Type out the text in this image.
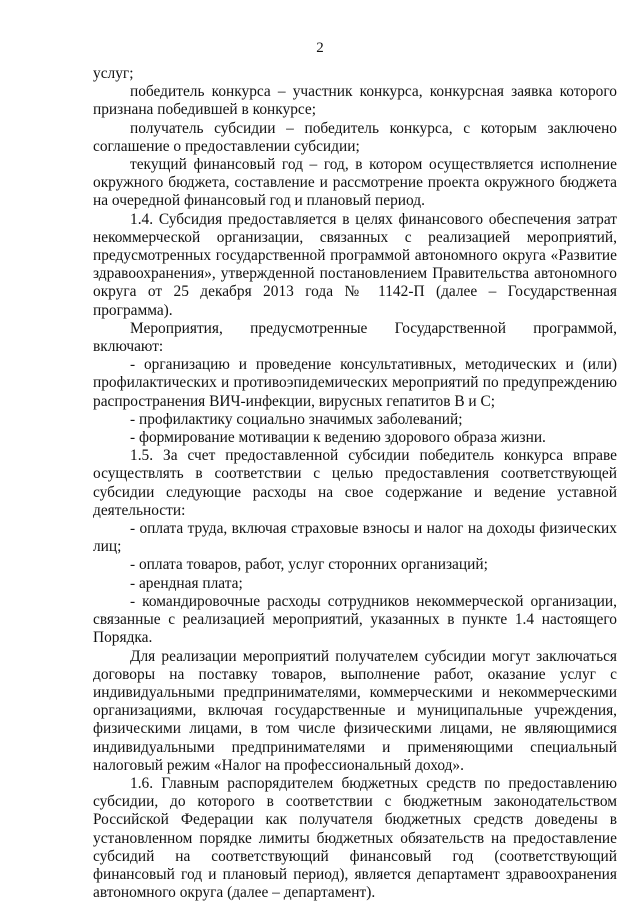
2

услуг;

победитель конкурса – участник конкурса, конкурсная заявка которого признана победившей в конкурсе;

получатель субсидии – победитель конкурса, с которым заключено соглашение о предоставлении субсидии;

текущий финансовый год – год, в котором осуществляется исполнение окружного бюджета, составление и рассмотрение проекта окружного бюджета на очередной финансовый год и плановый период.

1.4. Субсидия предоставляется в целях финансового обеспечения затрат некоммерческой организации, связанных с реализацией мероприятий, предусмотренных государственной программой автономного округа «Развитие здравоохранения», утвержденной постановлением Правительства автономного округа от 25 декабря 2013 года № 1142-П (далее – Государственная программа).

Мероприятия, предусмотренные Государственной программой, включают:

- организацию и проведение консультативных, методических и (или) профилактических и противоэпидемических мероприятий по предупреждению распространения ВИЧ-инфекции, вирусных гепатитов В и С;

- профилактику социально значимых заболеваний;

- формирование мотивации к ведению здорового образа жизни.

1.5. За счет предоставленной субсидии победитель конкурса вправе осуществлять в соответствии с целью предоставления соответствующей субсидии следующие расходы на свое содержание и ведение уставной деятельности:

- оплата труда, включая страховые взносы и налог на доходы физических лиц;

- оплата товаров, работ, услуг сторонних организаций;

- арендная плата;

- командировочные расходы сотрудников некоммерческой организации, связанные с реализацией мероприятий, указанных в пункте 1.4 настоящего Порядка.

Для реализации мероприятий получателем субсидии могут заключаться договоры на поставку товаров, выполнение работ, оказание услуг с индивидуальными предпринимателями, коммерческими и некоммерческими организациями, включая государственные и муниципальные учреждения, физическими лицами, в том числе физическими лицами, не являющимися индивидуальными предпринимателями и применяющими специальный налоговый режим «Налог на профессиональный доход».

1.6. Главным распорядителем бюджетных средств по предоставлению субсидии, до которого в соответствии с бюджетным законодательством Российской Федерации как получателя бюджетных средств доведены в установленном порядке лимиты бюджетных обязательств на предоставление субсидий на соответствующий финансовый год (соответствующий финансовый год и плановый период), является департамент здравоохранения автономного округа (далее – департамент).
